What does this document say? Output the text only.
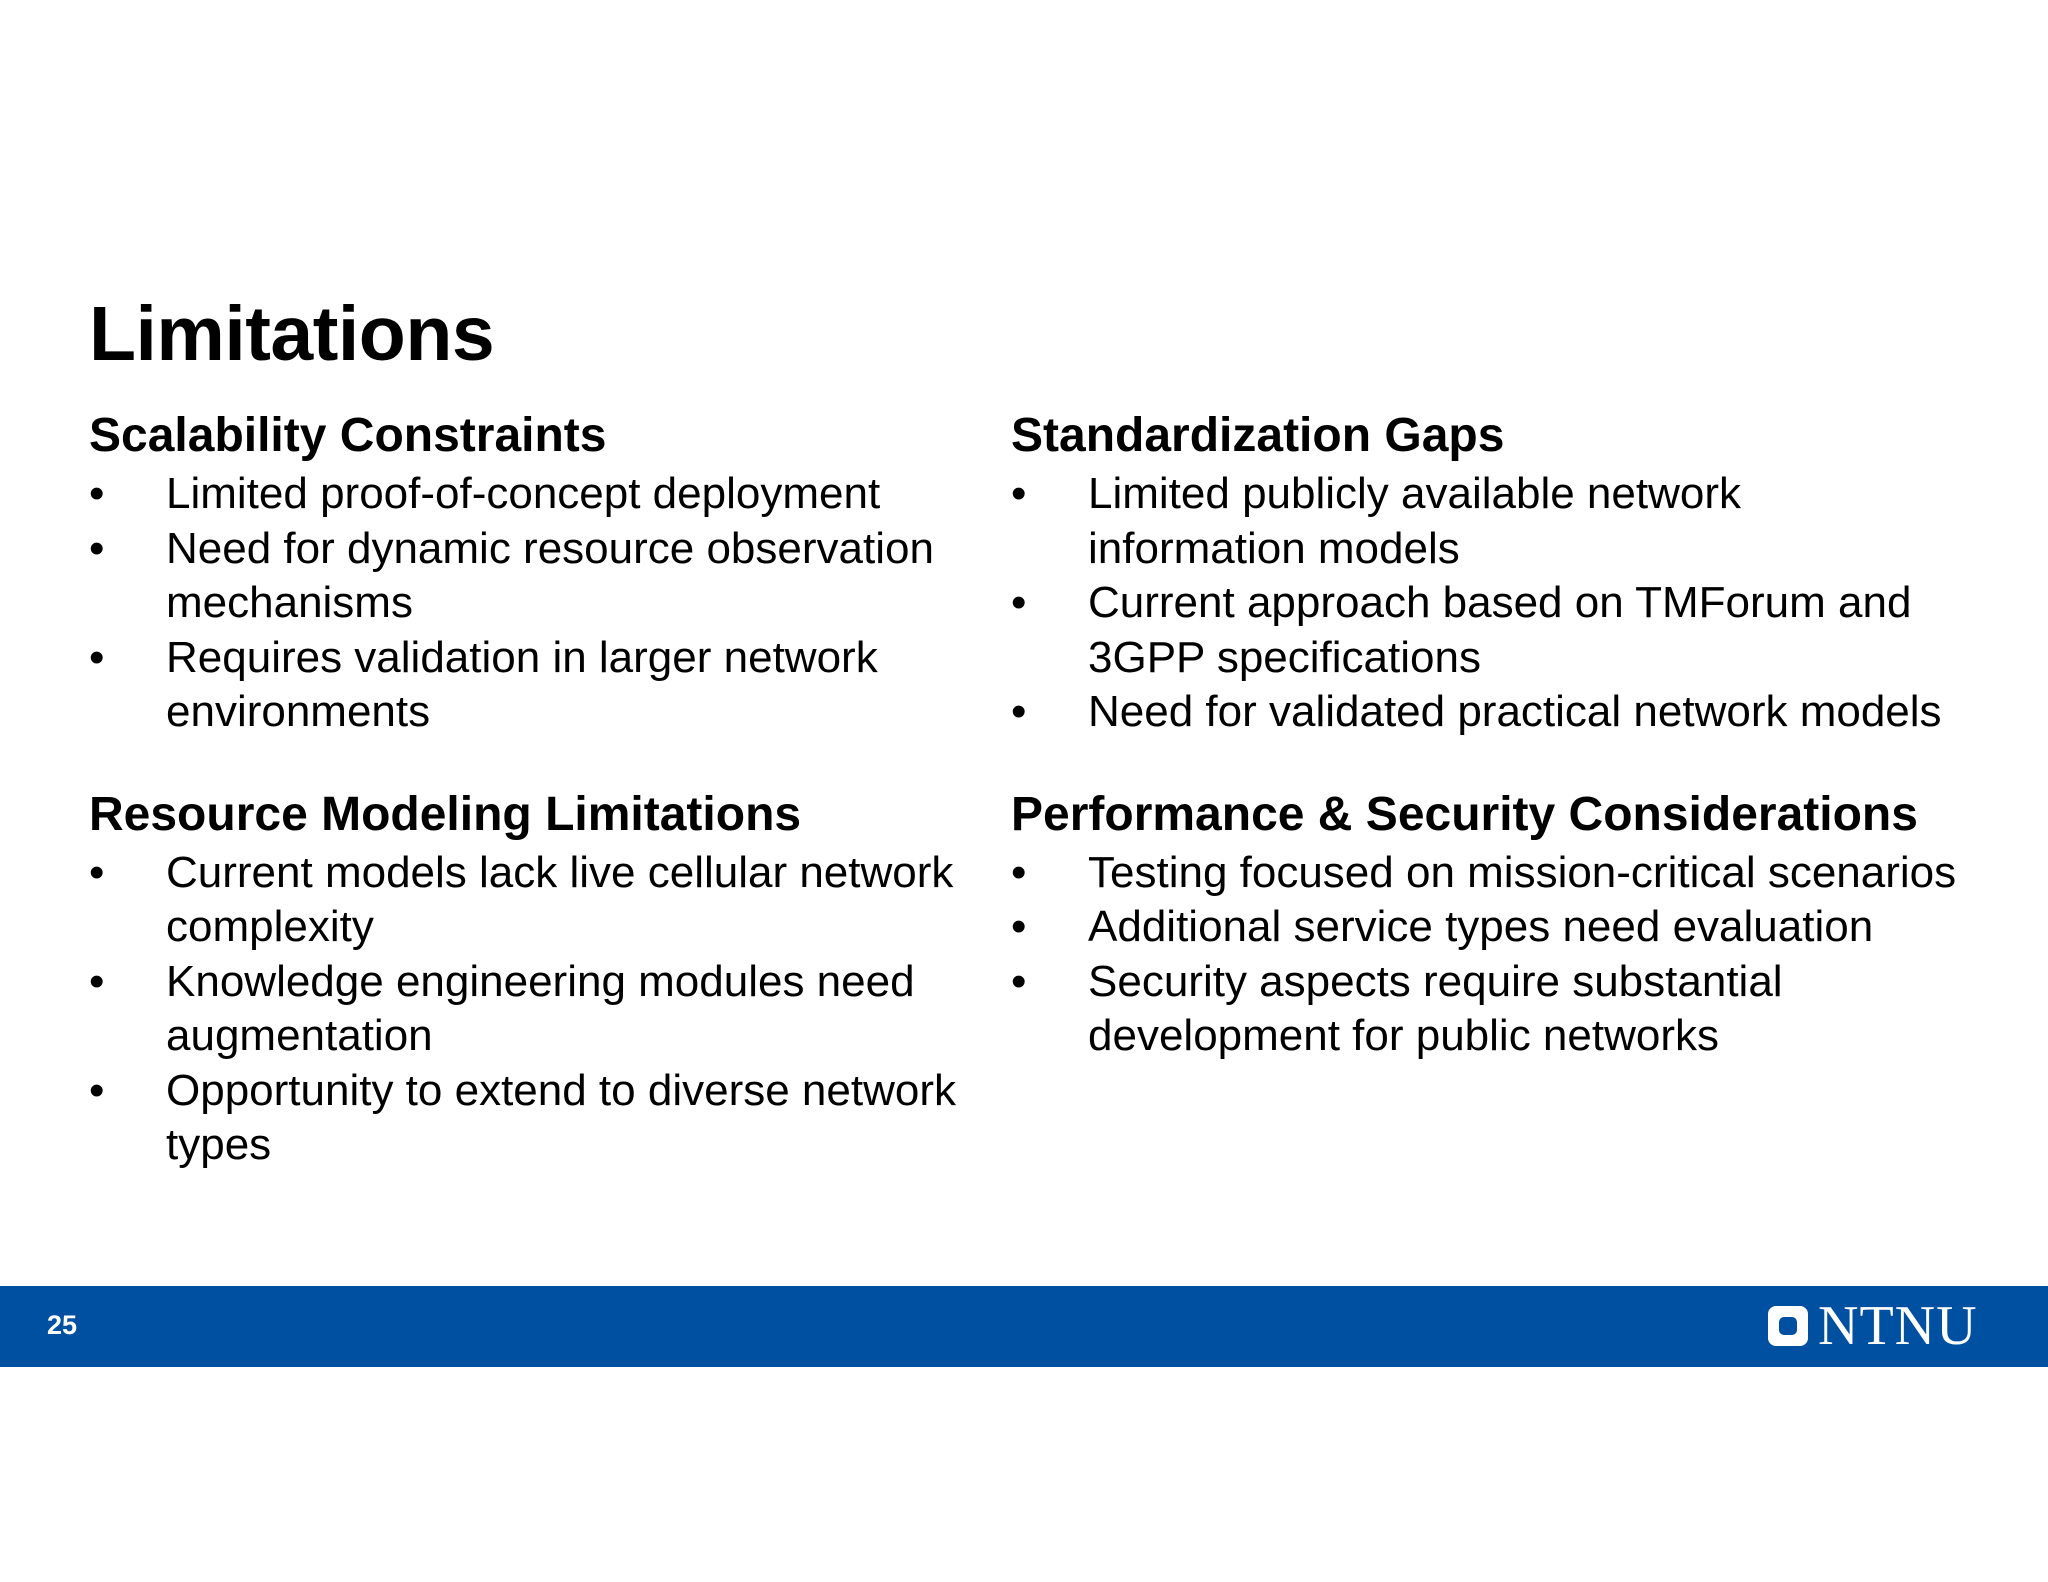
Limitations
Scalability Constraints
• Limited proof-of-concept deployment
• Need for dynamic resource observation mechanisms
• Requires validation in larger network environments
Resource Modeling Limitations
• Current models lack live cellular network complexity
• Knowledge engineering modules need augmentation
• Opportunity to extend to diverse network types
Standardization Gaps
• Limited publicly available network information models
• Current approach based on TMForum and 3GPP specifications
• Need for validated practical network models
Performance & Security Considerations
• Testing focused on mission-critical scenarios
• Additional service types need evaluation
• Security aspects require substantial development for public networks
25	NTNU
